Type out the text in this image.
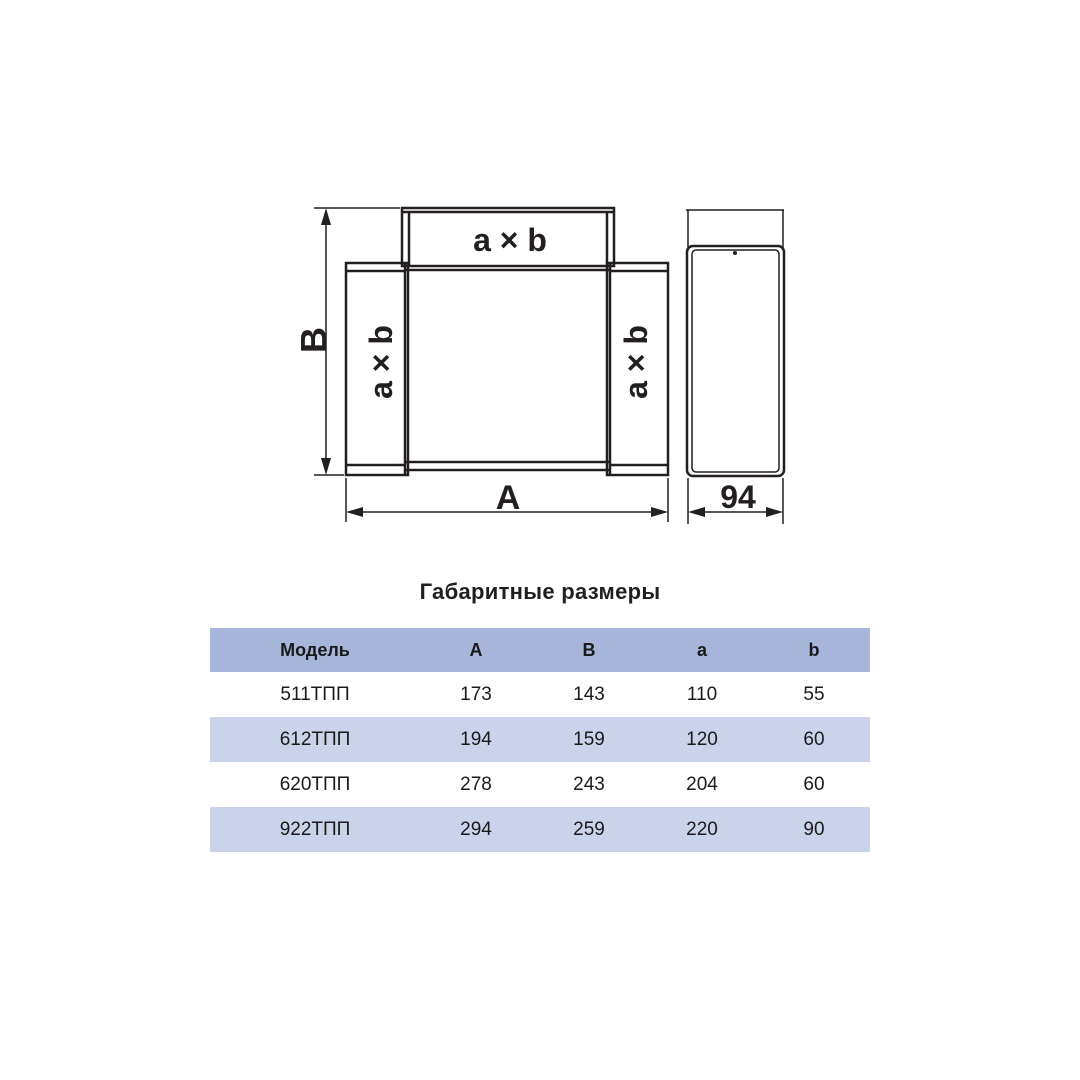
B
A
a × b
a × b	a × b
94
Габаритные размеры
Модель	A	B	a	b
511ТПП	173	143	110	55
612ТПП	194	159	120	60
620ТПП	278	243	204	60
922ТПП	294	259	220	90
